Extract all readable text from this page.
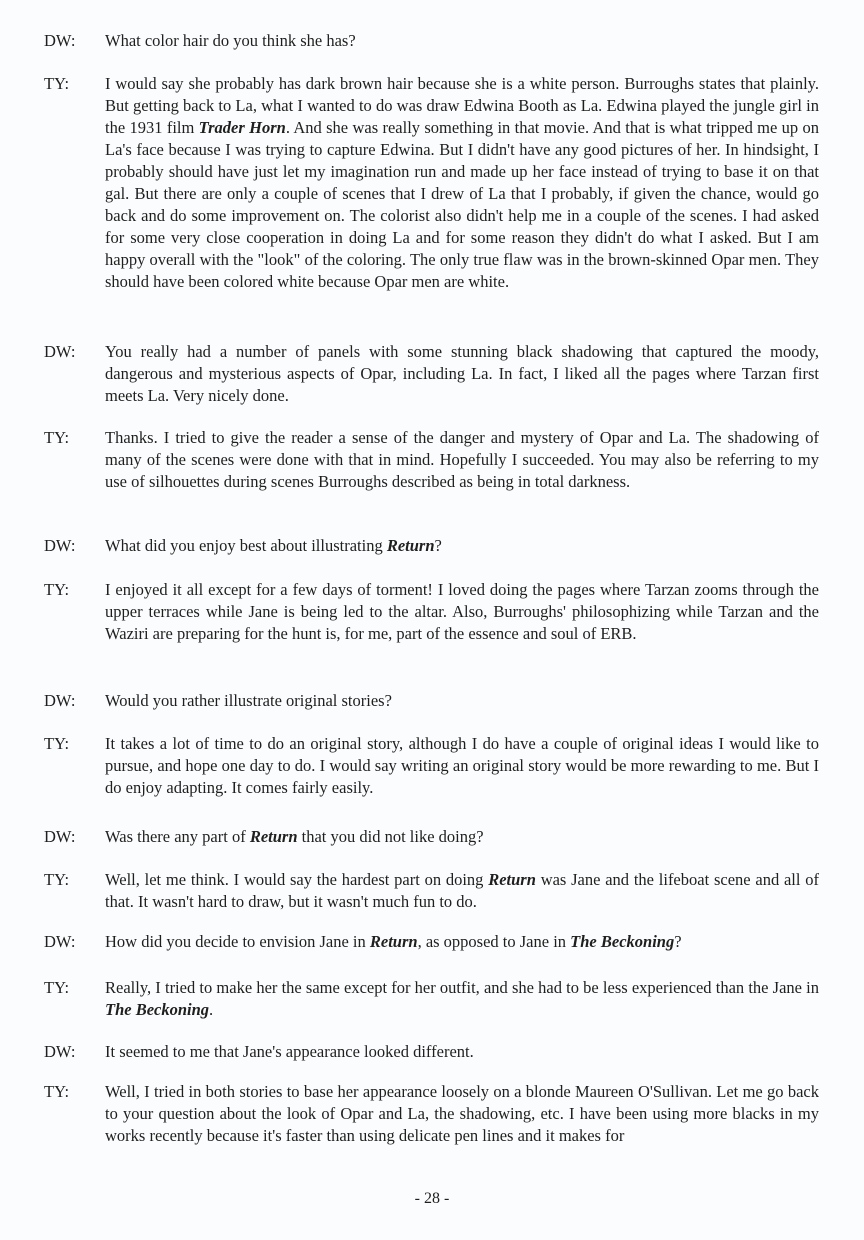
DW:	What color hair do you think she has?
TY:	I would say she probably has dark brown hair because she is a white person. Burroughs states that plainly. But getting back to La, what I wanted to do was draw Edwina Booth as La. Edwina played the jungle girl in the 1931 film Trader Horn. And she was really something in that movie. And that is what tripped me up on La's face because I was trying to capture Edwina. But I didn't have any good pictures of her. In hindsight, I probably should have just let my imagination run and made up her face instead of trying to base it on that gal. But there are only a couple of scenes that I drew of La that I probably, if given the chance, would go back and do some improvement on. The colorist also didn't help me in a couple of the scenes. I had asked for some very close cooperation in doing La and for some reason they didn't do what I asked. But I am happy overall with the "look" of the coloring. The only true flaw was in the brown-skinned Opar men. They should have been colored white because Opar men are white.
DW:	You really had a number of panels with some stunning black shadowing that captured the moody, dangerous and mysterious aspects of Opar, including La. In fact, I liked all the pages where Tarzan first meets La. Very nicely done.
TY:	Thanks. I tried to give the reader a sense of the danger and mystery of Opar and La. The shadowing of many of the scenes were done with that in mind. Hopefully I succeeded. You may also be referring to my use of silhouettes during scenes Burroughs described as being in total darkness.
DW:	What did you enjoy best about illustrating Return?
TY:	I enjoyed it all except for a few days of torment! I loved doing the pages where Tarzan zooms through the upper terraces while Jane is being led to the altar. Also, Burroughs' philosophizing while Tarzan and the Waziri are preparing for the hunt is, for me, part of the essence and soul of ERB.
DW:	Would you rather illustrate original stories?
TY:	It takes a lot of time to do an original story, although I do have a couple of original ideas I would like to pursue, and hope one day to do. I would say writing an original story would be more rewarding to me. But I do enjoy adapting. It comes fairly easily.
DW:	Was there any part of Return that you did not like doing?
TY:	Well, let me think. I would say the hardest part on doing Return was Jane and the lifeboat scene and all of that. It wasn't hard to draw, but it wasn't much fun to do.
DW:	How did you decide to envision Jane in Return, as opposed to Jane in The Beckoning?
TY:	Really, I tried to make her the same except for her outfit, and she had to be less experienced than the Jane in The Beckoning.
DW:	It seemed to me that Jane's appearance looked different.
TY:	Well, I tried in both stories to base her appearance loosely on a blonde Maureen O'Sullivan. Let me go back to your question about the look of Opar and La, the shadowing, etc. I have been using more blacks in my works recently because it's faster than using delicate pen lines and it makes for
- 28 -
